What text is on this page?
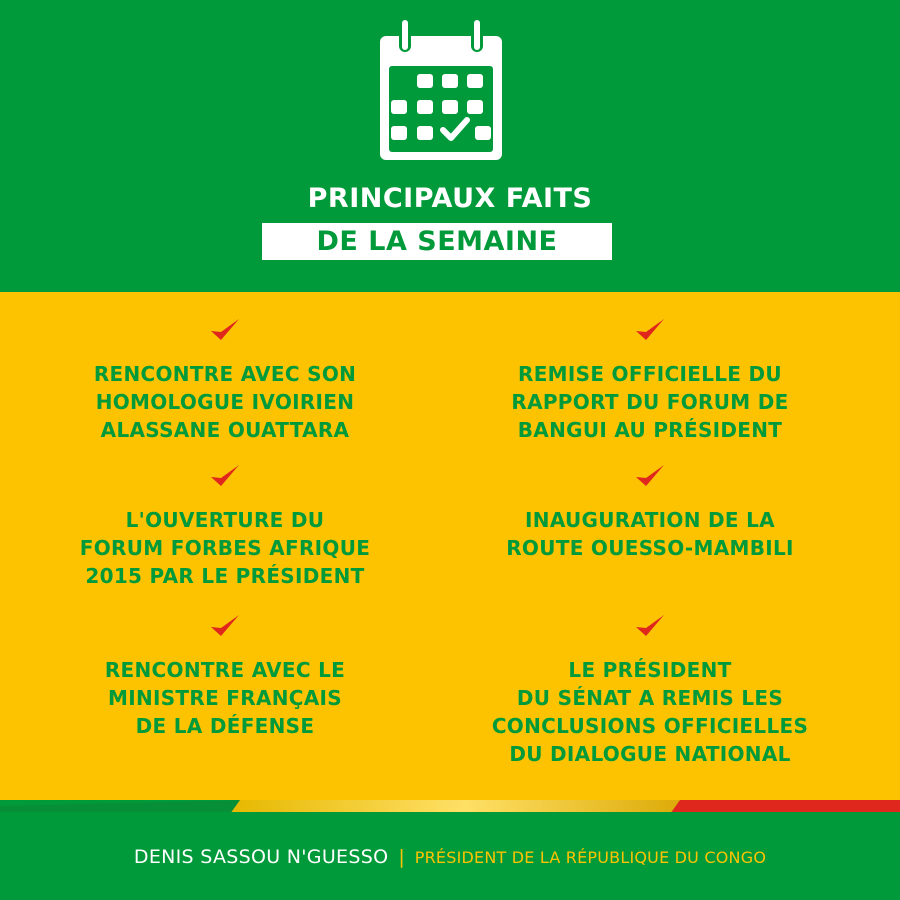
PRINCIPAUX FAITS
DE LA SEMAINE
RENCONTRE AVEC SON
HOMOLOGUE IVOIRIEN
ALASSANE OUATTARA
REMISE OFFICIELLE DU
RAPPORT DU FORUM DE
BANGUI AU PRÉSIDENT
L'OUVERTURE DU
FORUM FORBES AFRIQUE
2015 PAR LE PRÉSIDENT
INAUGURATION DE LA
ROUTE OUESSO-MAMBILI
RENCONTRE AVEC LE
MINISTRE FRANÇAIS
DE LA DÉFENSE
LE PRÉSIDENT
DU SÉNAT A REMIS LES
CONCLUSIONS OFFICIELLES
DU DIALOGUE NATIONAL
DENIS SASSOU N'GUESSO | PRÉSIDENT DE LA RÉPUBLIQUE DU CONGO
